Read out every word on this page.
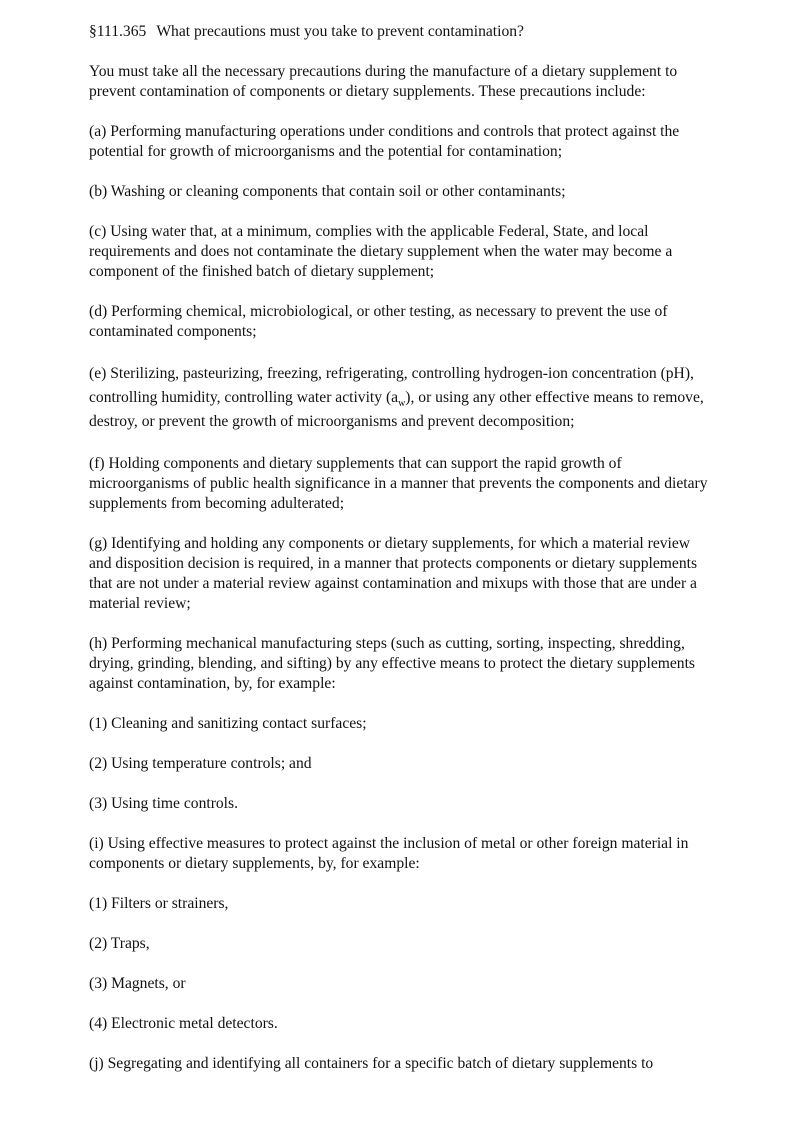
§111.365 What precautions must you take to prevent contamination?

You must take all the necessary precautions during the manufacture of a dietary supplement to prevent contamination of components or dietary supplements. These precautions include:

(a) Performing manufacturing operations under conditions and controls that protect against the potential for growth of microorganisms and the potential for contamination;

(b) Washing or cleaning components that contain soil or other contaminants;

(c) Using water that, at a minimum, complies with the applicable Federal, State, and local requirements and does not contaminate the dietary supplement when the water may become a component of the finished batch of dietary supplement;

(d) Performing chemical, microbiological, or other testing, as necessary to prevent the use of contaminated components;

(e) Sterilizing, pasteurizing, freezing, refrigerating, controlling hydrogen-ion concentration (pH), controlling humidity, controlling water activity $(a_w)$, or using any other effective means to remove, destroy, or prevent the growth of microorganisms and prevent decomposition;

(f) Holding components and dietary supplements that can support the rapid growth of microorganisms of public health significance in a manner that prevents the components and dietary supplements from becoming adulterated;

(g) Identifying and holding any components or dietary supplements, for which a material review and disposition decision is required, in a manner that protects components or dietary supplements that are not under a material review against contamination and mixups with those that are under a material review;

(h) Performing mechanical manufacturing steps (such as cutting, sorting, inspecting, shredding, drying, grinding, blending, and sifting) by any effective means to protect the dietary supplements against contamination, by, for example:

(1) Cleaning and sanitizing contact surfaces;

(2) Using temperature controls; and

(3) Using time controls.

(i) Using effective measures to protect against the inclusion of metal or other foreign material in components or dietary supplements, by, for example:

(1) Filters or strainers,

(2) Traps,

(3) Magnets, or

(4) Electronic metal detectors.

(j) Segregating and identifying all containers for a specific batch of dietary supplements to
